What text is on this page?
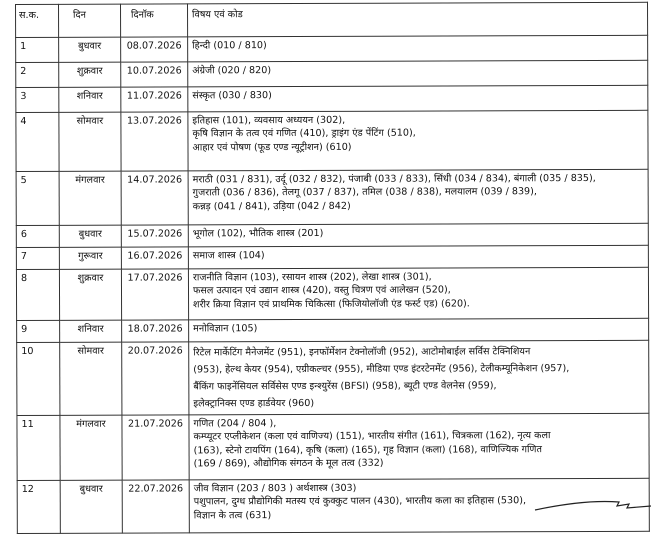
स.क.	दिन	दिनॉक	विषय एवं कोड
1	बुधवार	08.07.2026	हिन्दी (010 / 810)

2	शुक्रवार	10.07.2026	अंग्रेजी (020 / 820)

3	शनिवार	11.07.2026	संस्कृत (030 / 830)

4	सोमवार	13.07.2026	इतिहास (101), व्यवसाय अध्ययन (302),
कृषि विज्ञान के तत्व एवं गणित (410), ड्राइंग एंड पेंटिंग (510),
आहार एवं पोषण (फूड एण्ड न्यूट्रीशन) (610)

5	मंगलवार	14.07.2026	मराठी (031 / 831), उर्दू (032 / 832), पंजाबी (033 / 833), सिंधी (034 / 834), बंगाली (035 / 835),
गुजराती (036 / 836), तेलगू (037 / 837), तमिल (038 / 838), मलयालम (039 / 839),
कन्नड़ (041 / 841), उड़िया (042 / 842)

6	बुधवार	15.07.2026	भूगोल (102), भौतिक शास्त्र (201)

7	गुरूवार	16.07.2026	समाज शास्त्र (104)

8	शुक्रवार	17.07.2026	राजनीति विज्ञान (103), रसायन शास्त्र (202), लेखा शास्त्र (301),
फसल उत्पादन एवं उद्यान शास्त्र (420), वस्तु चित्रण एवं आलेखन (520),
शरीर क्रिया विज्ञान एवं प्राथमिक चिकित्सा (फिजियोलॉजी एंड फर्स्ट एड) (620).

9	शनिवार	18.07.2026	मनोविज्ञान (105)

10	सोमवार	20.07.2026	रिटेल मार्केटिंग मैनेजमेंट (951), इनफॉर्मेशन टेक्नोलॉजी (952), आटोमोबाईल सर्विस टेक्निशियन
(953), हेल्थ केयर (954), एग्रीकल्चर (955), मीडिया एण्ड इंटरटेनमेंट (956), टेलीकम्यूनिकेशन (957),
बैंकिंग फाइनेंसियल सर्विसेस एण्ड इन्श्युरेंस (BFSI) (958), ब्यूटी एण्ड वेलनेस (959),
इलेक्ट्रानिक्स एण्ड हार्डवेयर (960)

11	मंगलवार	21.07.2026	गणित (204 / 804 ),
कम्प्यूटर एप्लीकेशन (कला एवं वाणिज्य) (151), भारतीय संगीत (161), चित्रकला (162), नृत्य कला
(163), स्टेनो टायपिंग (164), कृषि (कला) (165), गृह विज्ञान (कला) (168), वाणिज्यिक गणित
(169 / 869), औद्योगिक संगठन के मूल तत्व (332)

12	बुधवार	22.07.2026	जीव विज्ञान (203 / 803 ) अर्थशास्त्र (303)
पशुपालन, दुग्ध प्रौद्योगिकी मतस्य एवं कुक्कुट पालन (430), भारतीय कला का इतिहास (530),
विज्ञान के तत्व (631)
